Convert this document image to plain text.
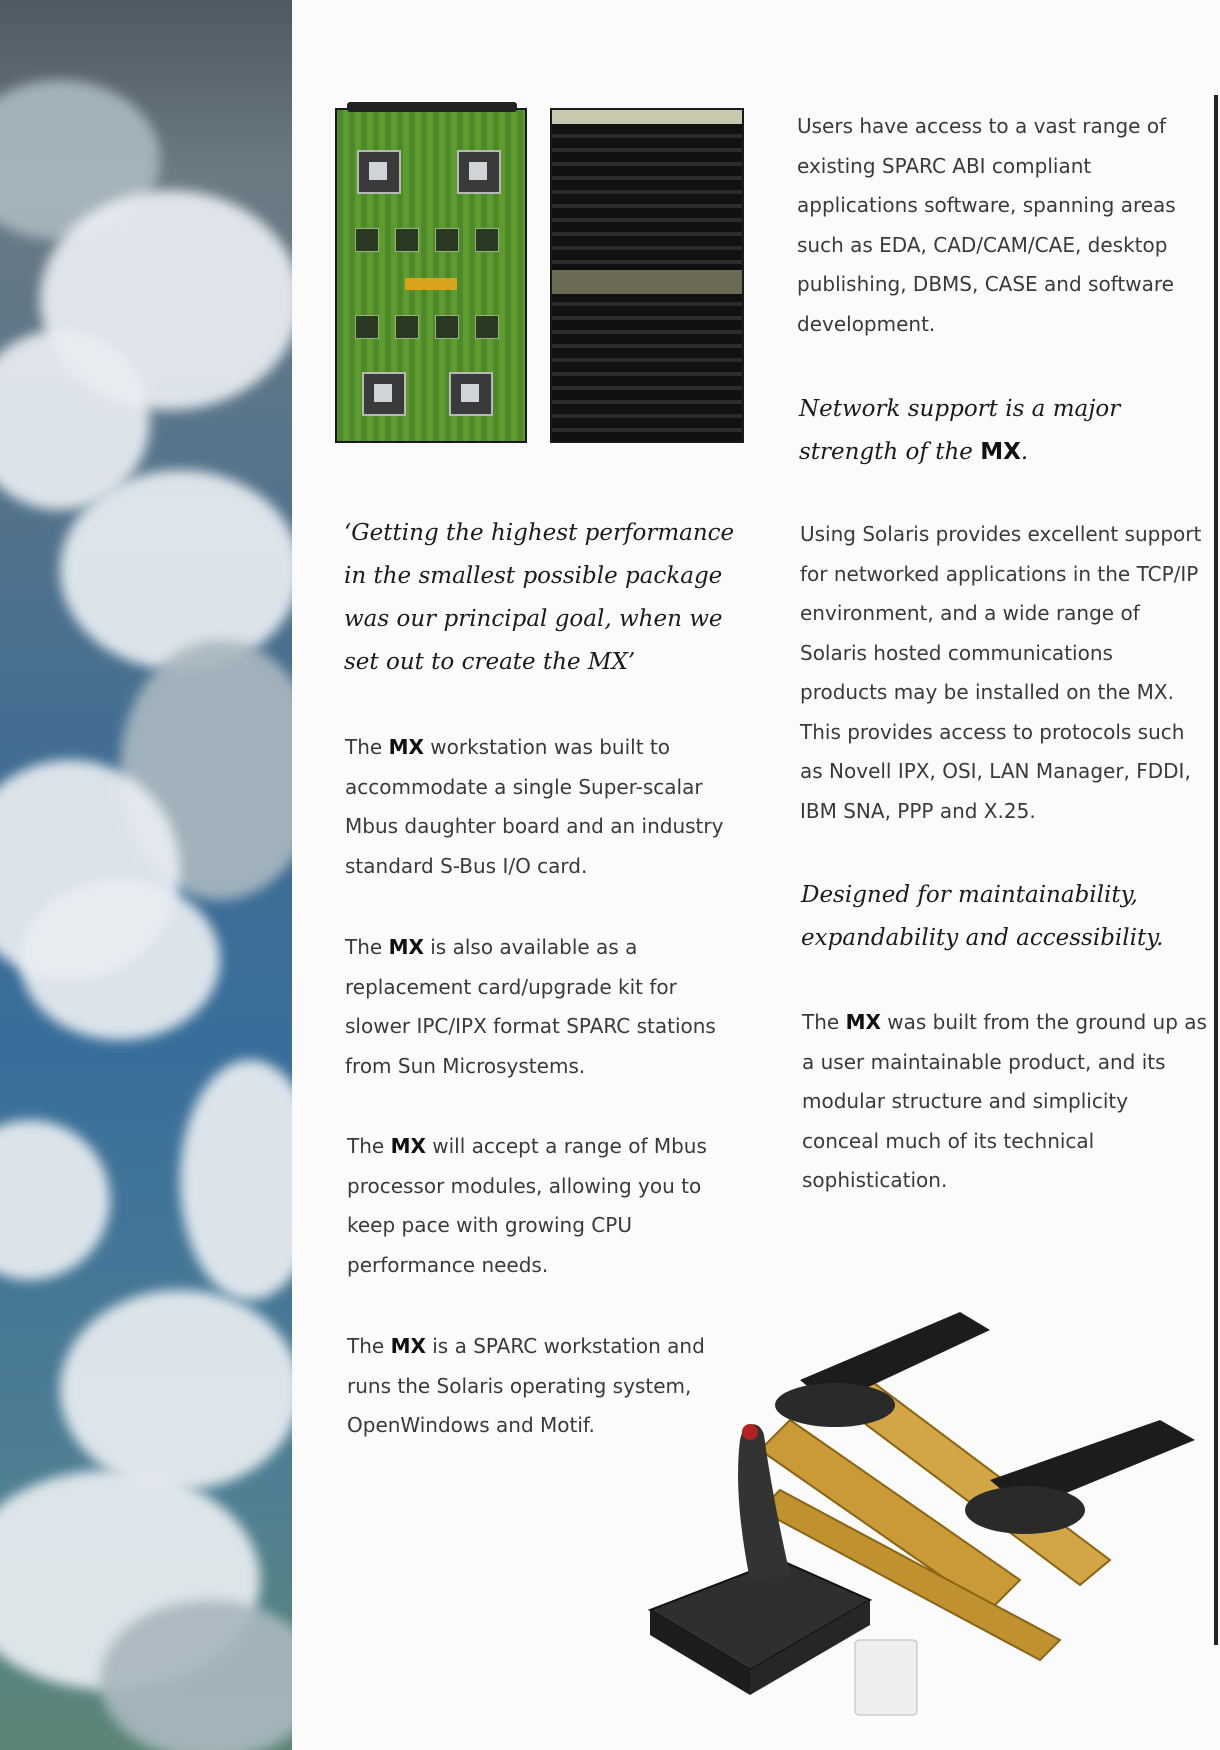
‘Getting the highest performance in the smallest possible package was our principal goal, when we set out to create the MX’

The MX workstation was built to accommodate a single Super-scalar Mbus daughter board and an industry standard S-Bus I/O card.

The MX is also available as a replacement card/upgrade kit for slower IPC/IPX format SPARC stations from Sun Microsystems.

The MX will accept a range of Mbus processor modules, allowing you to keep pace with growing CPU performance needs.

The MX is a SPARC workstation and runs the Solaris operating system, OpenWindows and Motif.

Users have access to a vast range of existing SPARC ABI compliant applications software, spanning areas such as EDA, CAD/CAM/CAE, desktop publishing, DBMS, CASE and software development.

Network support is a major strength of the MX.

Using Solaris provides excellent support for networked applications in the TCP/IP environment, and a wide range of Solaris hosted communications products may be installed on the MX. This provides access to protocols such as Novell IPX, OSI, LAN Manager, FDDI, IBM SNA, PPP and X.25.

Designed for maintainability, expandability and accessibility.

The MX was built from the ground up as a user maintainable product, and its modular structure and simplicity conceal much of its technical sophistication.
